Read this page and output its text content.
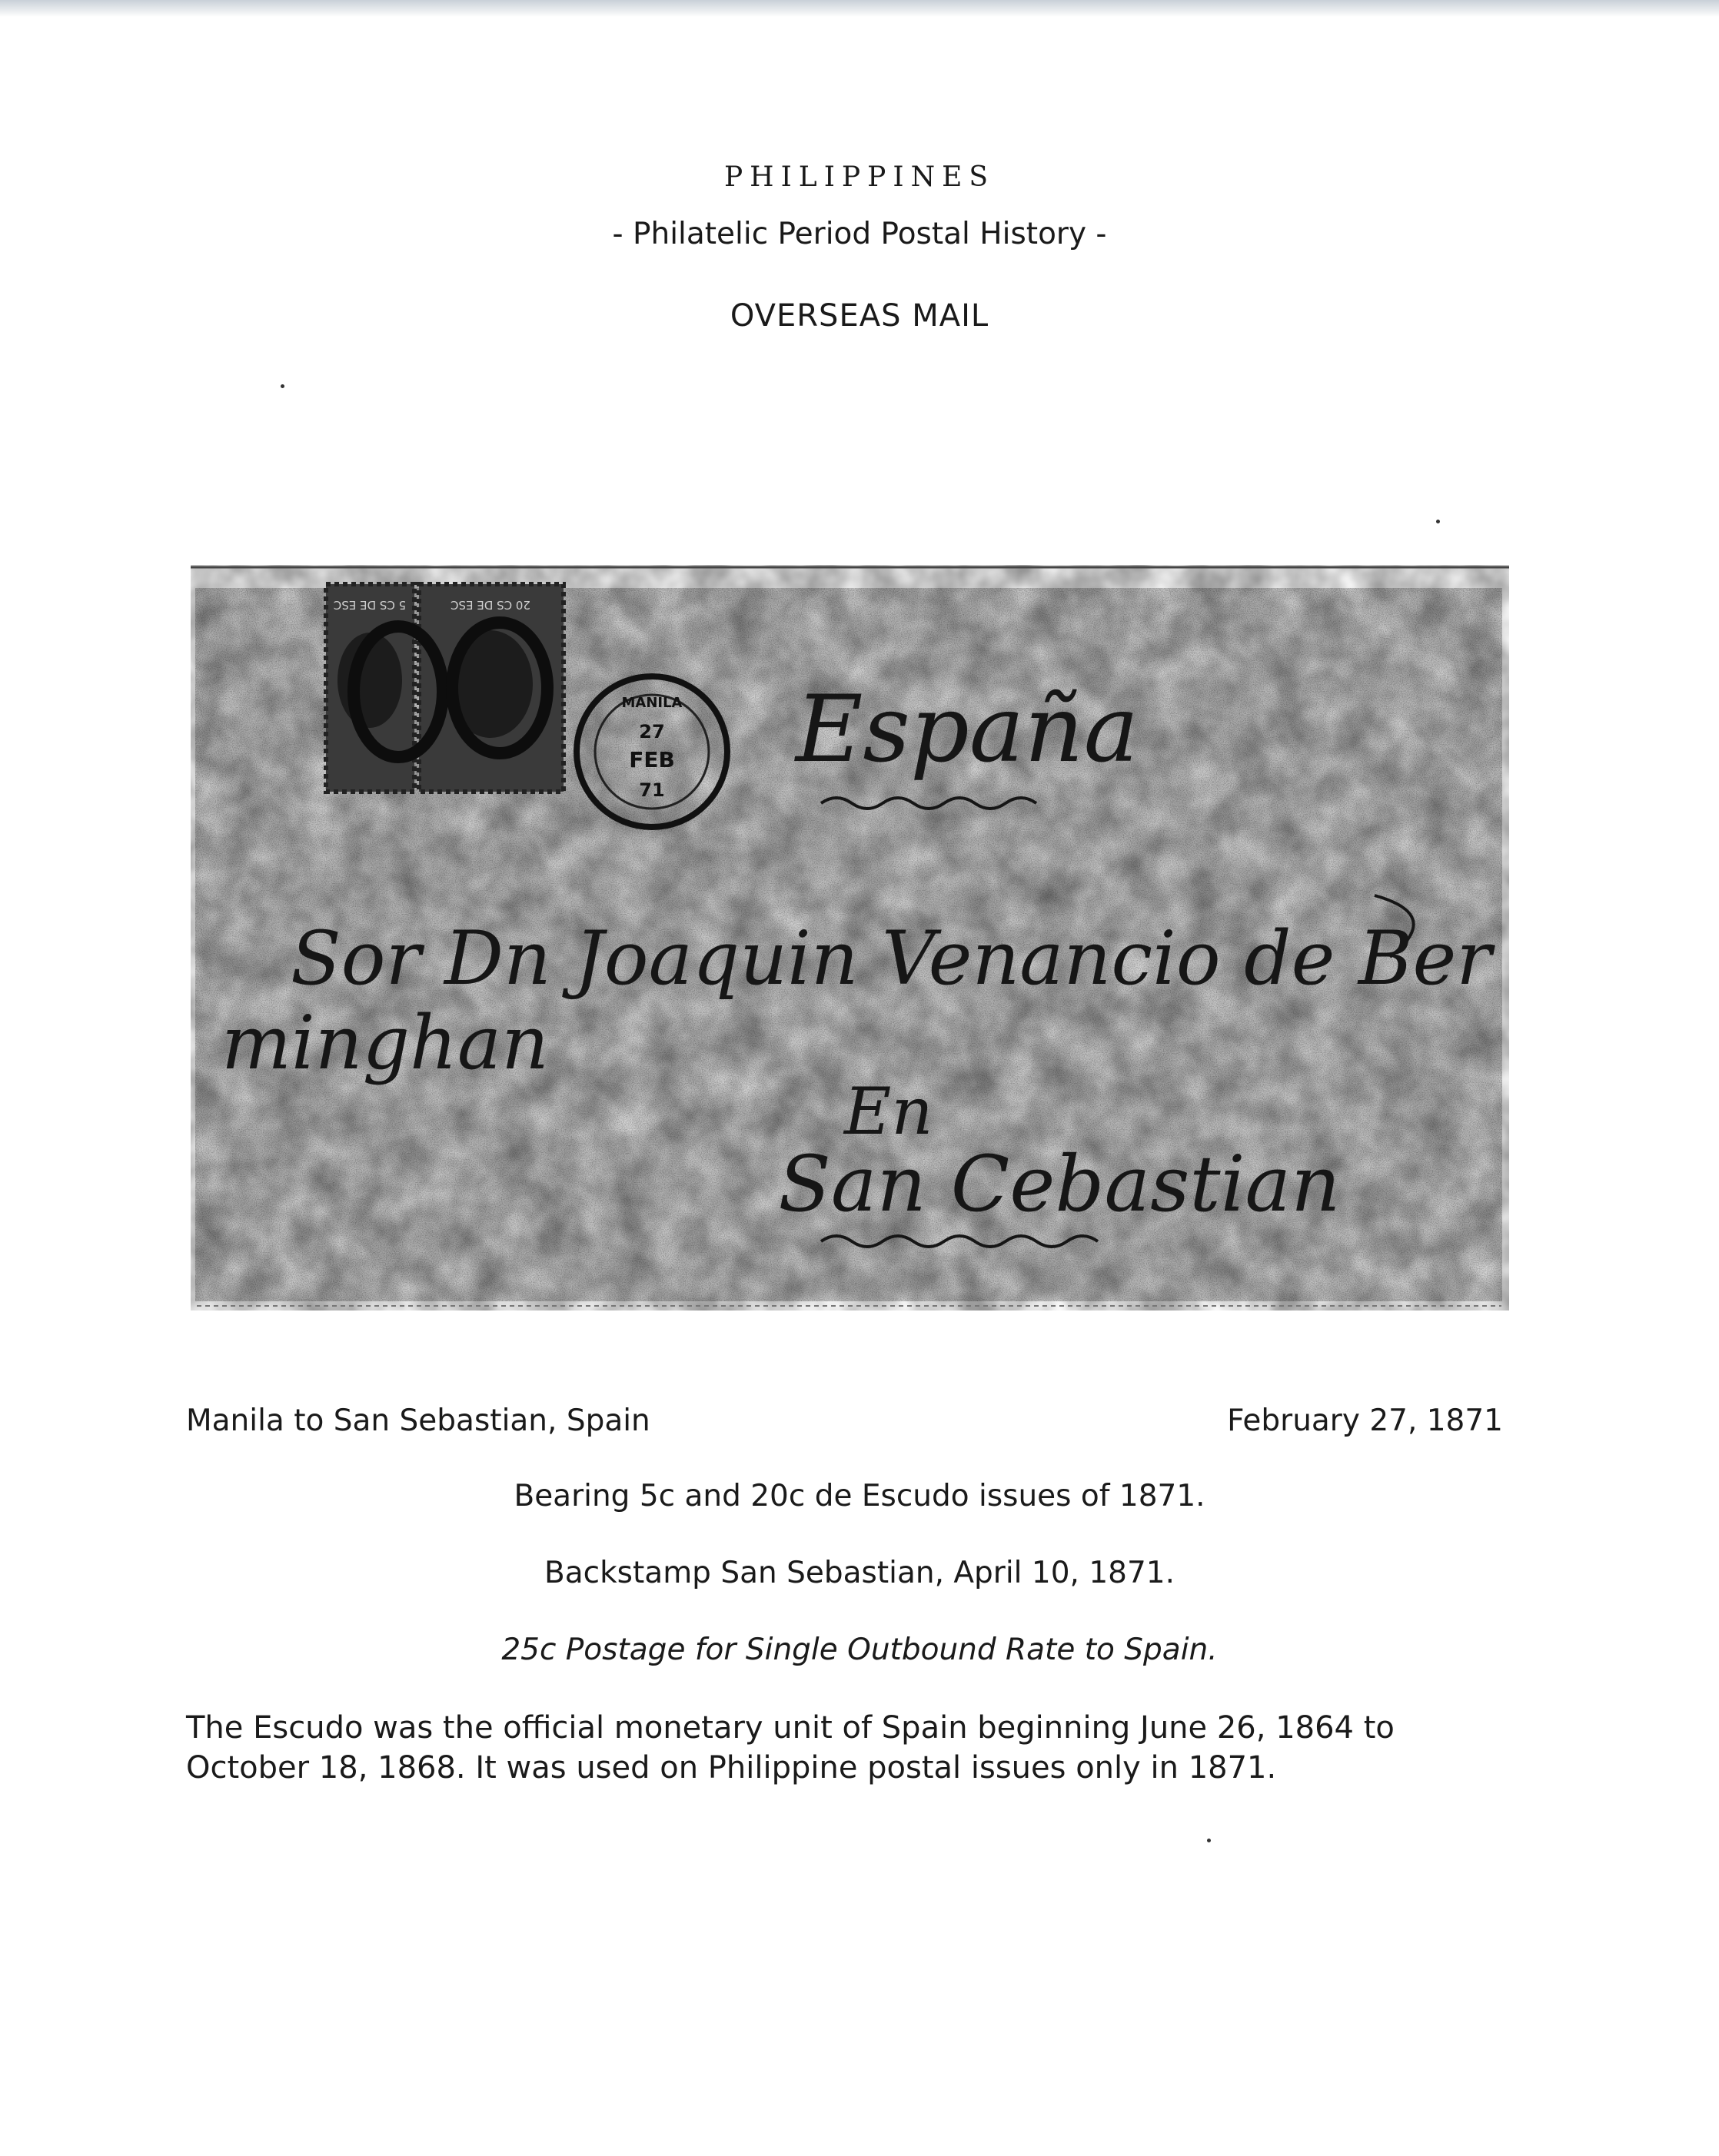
PHILIPPINES
- Philatelic Period Postal History -
OVERSEAS MAIL
5 CS DE ESC	20 CS DE ESC
MANILA
27
FEB
71
España
Sor Dn Joaquin Venancio de Ber
minghan
En
San Cebastian
Manila to San Sebastian, Spain	February 27, 1871
Bearing 5c and 20c de Escudo issues of 1871.
Backstamp San Sebastian, April 10, 1871.
25c Postage for Single Outbound Rate to Spain.
The Escudo was the official monetary unit of Spain beginning June 26, 1864 to October 18, 1868. It was used on Philippine postal issues only in 1871.
